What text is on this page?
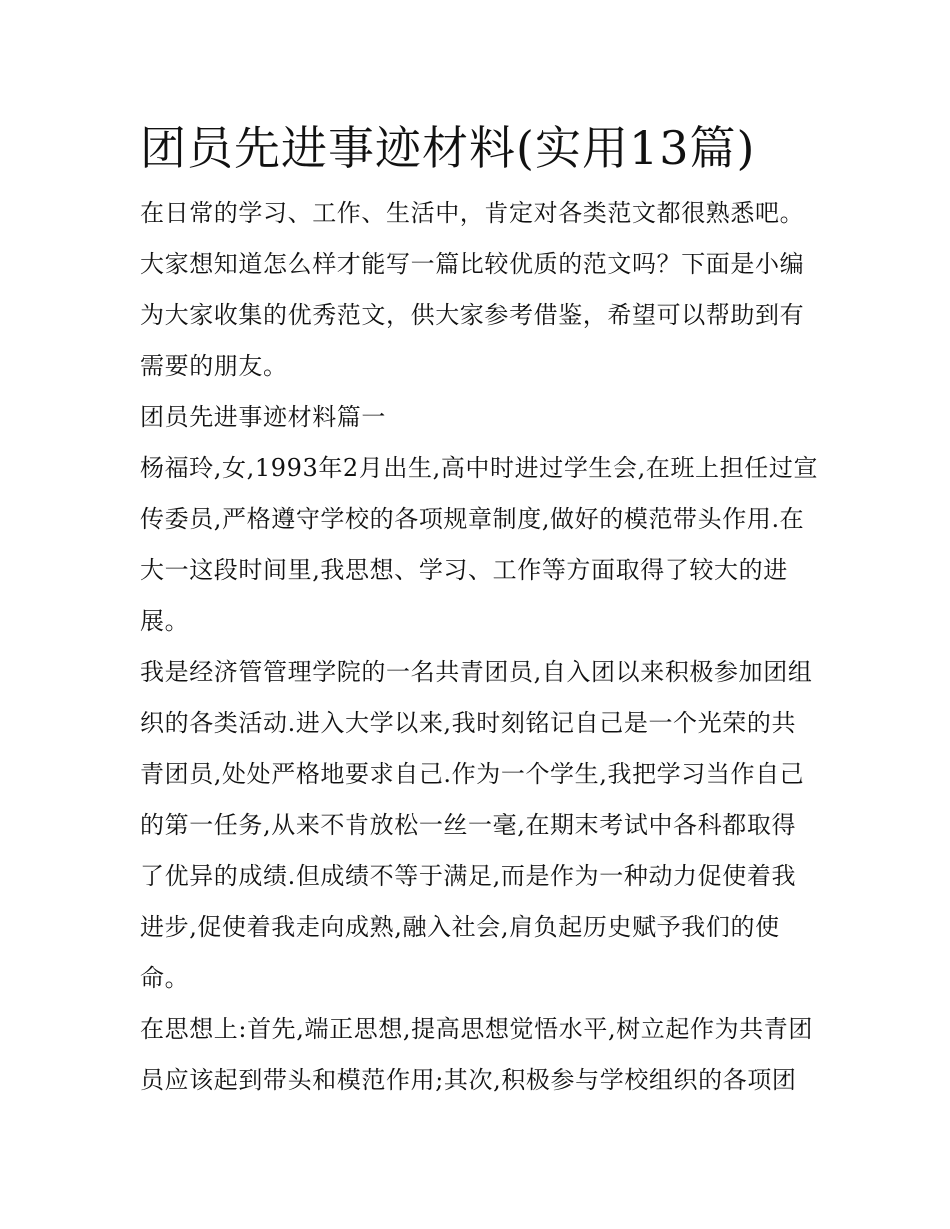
团员先进事迹材料(实用13篇)

在日常的学习、工作、生活中，肯定对各类范文都很熟悉吧。大家想知道怎么样才能写一篇比较优质的范文吗？下面是小编为大家收集的优秀范文，供大家参考借鉴，希望可以帮助到有需要的朋友。

团员先进事迹材料篇一

杨福玲,女,1993年2月出生,高中时进过学生会,在班上担任过宣传委员,严格遵守学校的各项规章制度,做好的模范带头作用.在大一这段时间里,我思想、学习、工作等方面取得了较大的进展。

我是经济管管理学院的一名共青团员,自入团以来积极参加团组织的各类活动.进入大学以来,我时刻铭记自己是一个光荣的共青团员,处处严格地要求自己.作为一个学生,我把学习当作自己的第一任务,从来不肯放松一丝一毫,在期末考试中各科都取得了优异的成绩.但成绩不等于满足,而是作为一种动力促使着我进步,促使着我走向成熟,融入社会,肩负起历史赋予我们的使命。

在思想上:首先,端正思想,提高思想觉悟水平,树立起作为共青团员应该起到带头和模范作用;其次,积极参与学校组织的各项团
